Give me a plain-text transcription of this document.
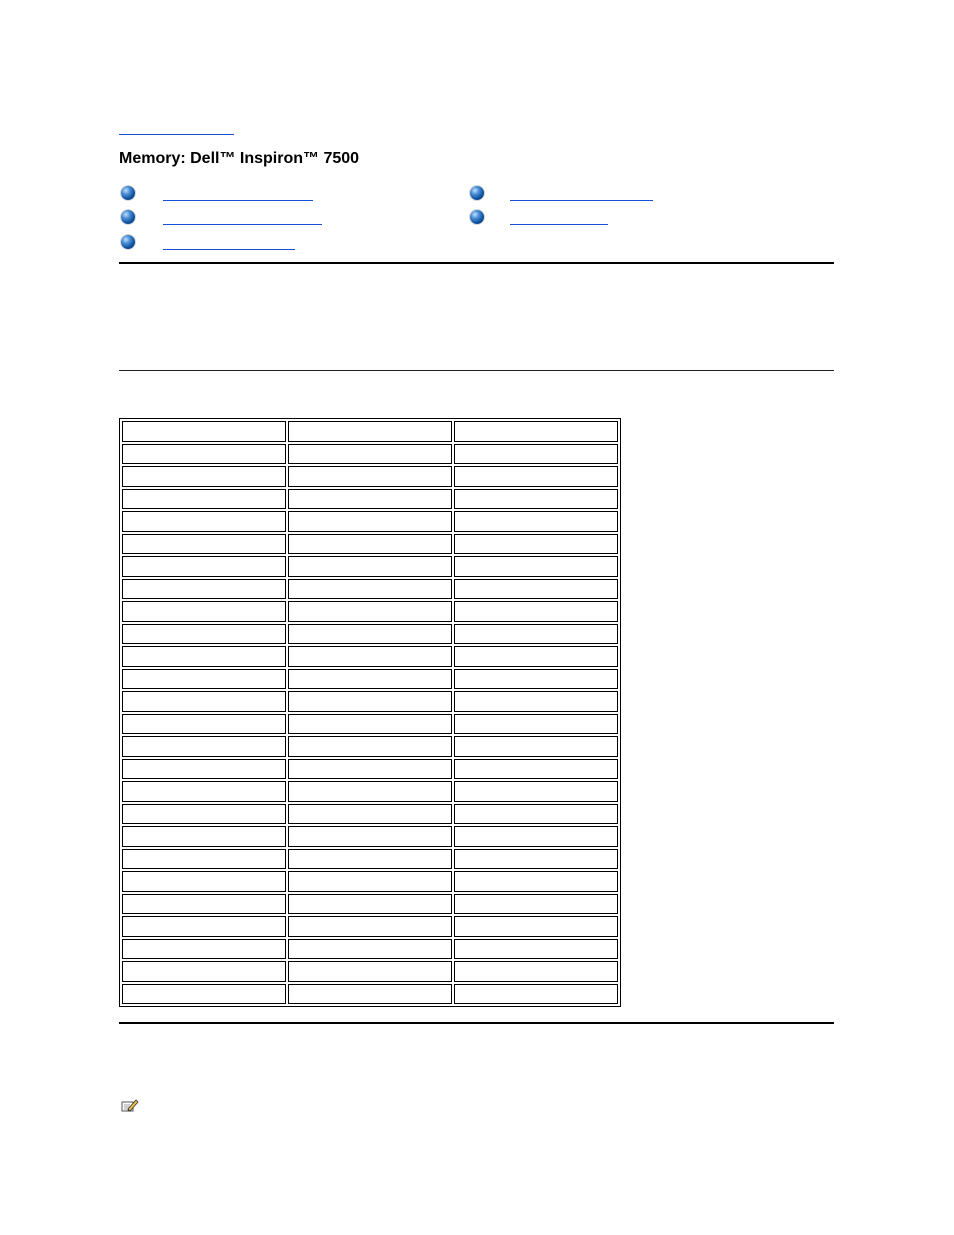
Memory: Dell™ Inspiron™ 7500
